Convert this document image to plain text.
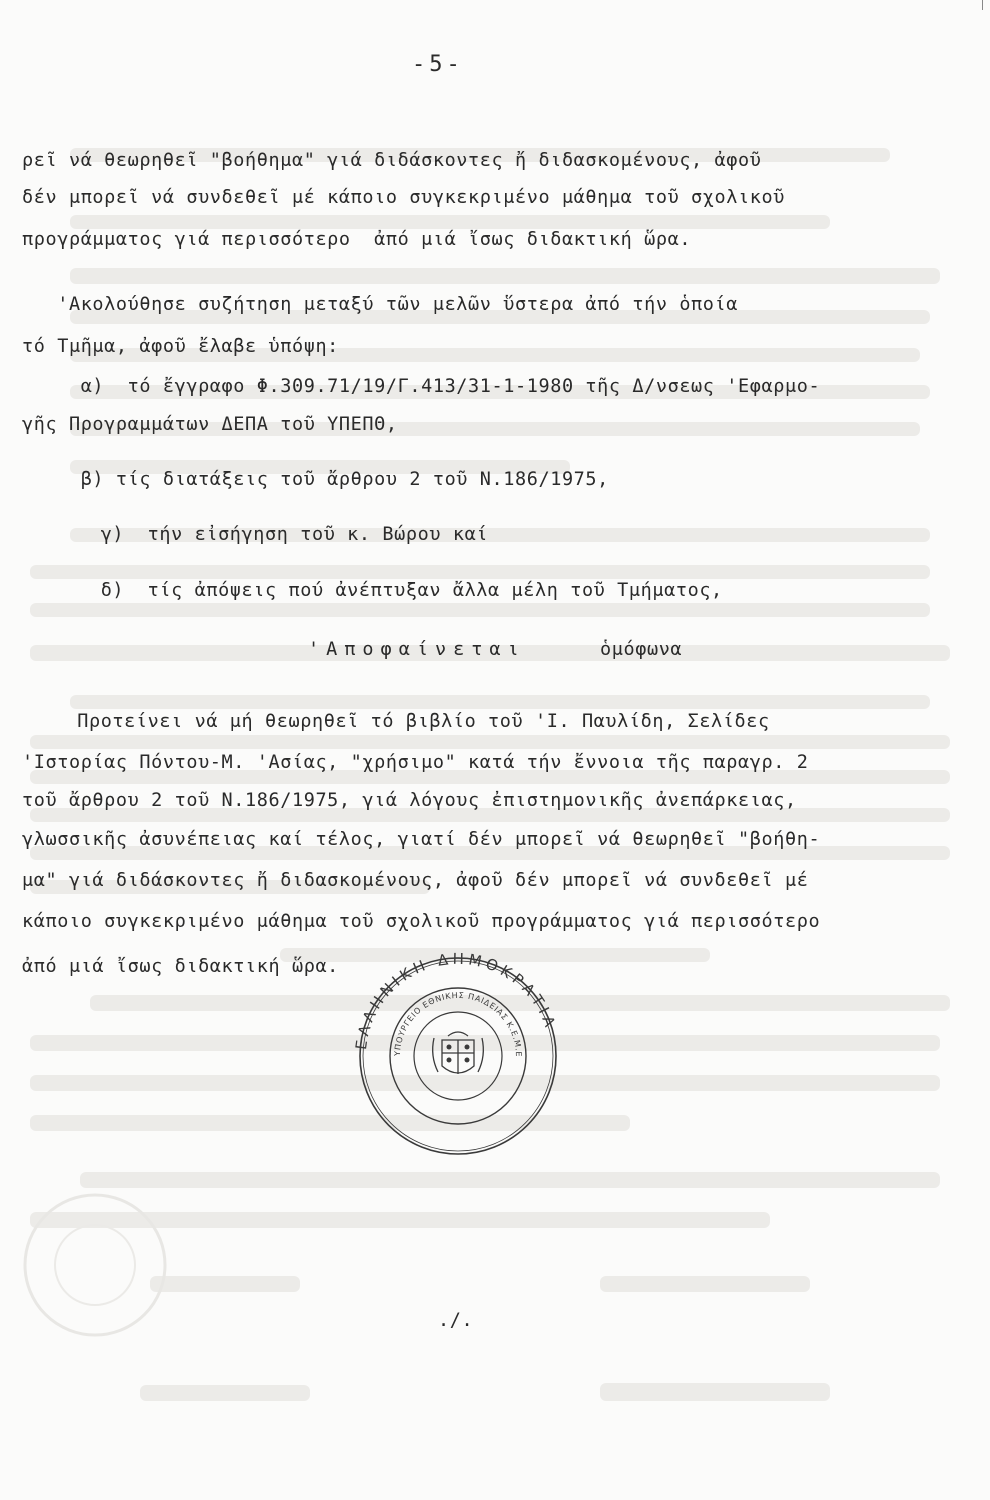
-5-
ρεῖ νά θεωρηθεῖ "βοήθημα" γιά διδάσκοντες ἤ διδασκομένους, ἀφοῦ
δέν μπορεῖ νά συνδεθεῖ μέ κάποιο συγκεκριμένο μάθημα τοῦ σχολικοῦ
προγράμματος γιά περισσότερο  ἀπό μιά ἴσως διδακτική ὥρα.
'Ακολούθησε συζήτηση μεταξύ τῶν μελῶν ὕστερα ἀπό τήν ὁποία
τό Τμῆμα, ἀφοῦ ἔλαβε ὑπόψη:
α)  τό ἔγγραφο Φ.309.71/19/Γ.413/31-1-1980 τῆς Δ/νσεως 'Εφαρμο-
γῆς Προγραμμάτων ΔΕΠΑ τοῦ ΥΠΕΠΘ,
β) τίς διατάξεις τοῦ ἄρθρου 2 τοῦ Ν.186/1975,
γ)  τήν εἰσήγηση τοῦ κ. Βώρου καί
δ)  τίς ἀπόψεις πού ἀνέπτυξαν ἄλλα μέλη τοῦ Τμήματος,
'Αποφαίνεται	ὁμόφωνα
Προτείνει νά μή θεωρηθεῖ τό βιβλίο τοῦ 'Ι. Παυλίδη, Σελίδες
'Ιστορίας Πόντου-Μ. 'Ασίας, "χρήσιμο" κατά τήν ἔννοια τῆς παραγρ. 2
τοῦ ἄρθρου 2 τοῦ Ν.186/1975, γιά λόγους ἐπιστημονικῆς ἀνεπάρκειας,
γλωσσικῆς ἀσυνέπειας καί τέλος, γιατί δέν μπορεῖ νά θεωρηθεῖ "βοήθη-
μα" γιά διδάσκοντες ἤ διδασκομένους, ἀφοῦ δέν μπορεῖ νά συνδεθεῖ μέ
κάποιο συγκεκριμένο μάθημα τοῦ σχολικοῦ προγράμματος γιά περισσότερο
ἀπό μιά ἴσως διδακτική ὥρα.
ΕΛΛΗΝΙΚΗ ΔΗΜΟΚΡΑΤΙΑ
ΥΠΟΥΡΓΕΙΟ ΕΘΝΙΚΗΣ ΠΑΙΔΕΙΑΣ Κ.Ε.Μ.Ε
./.
